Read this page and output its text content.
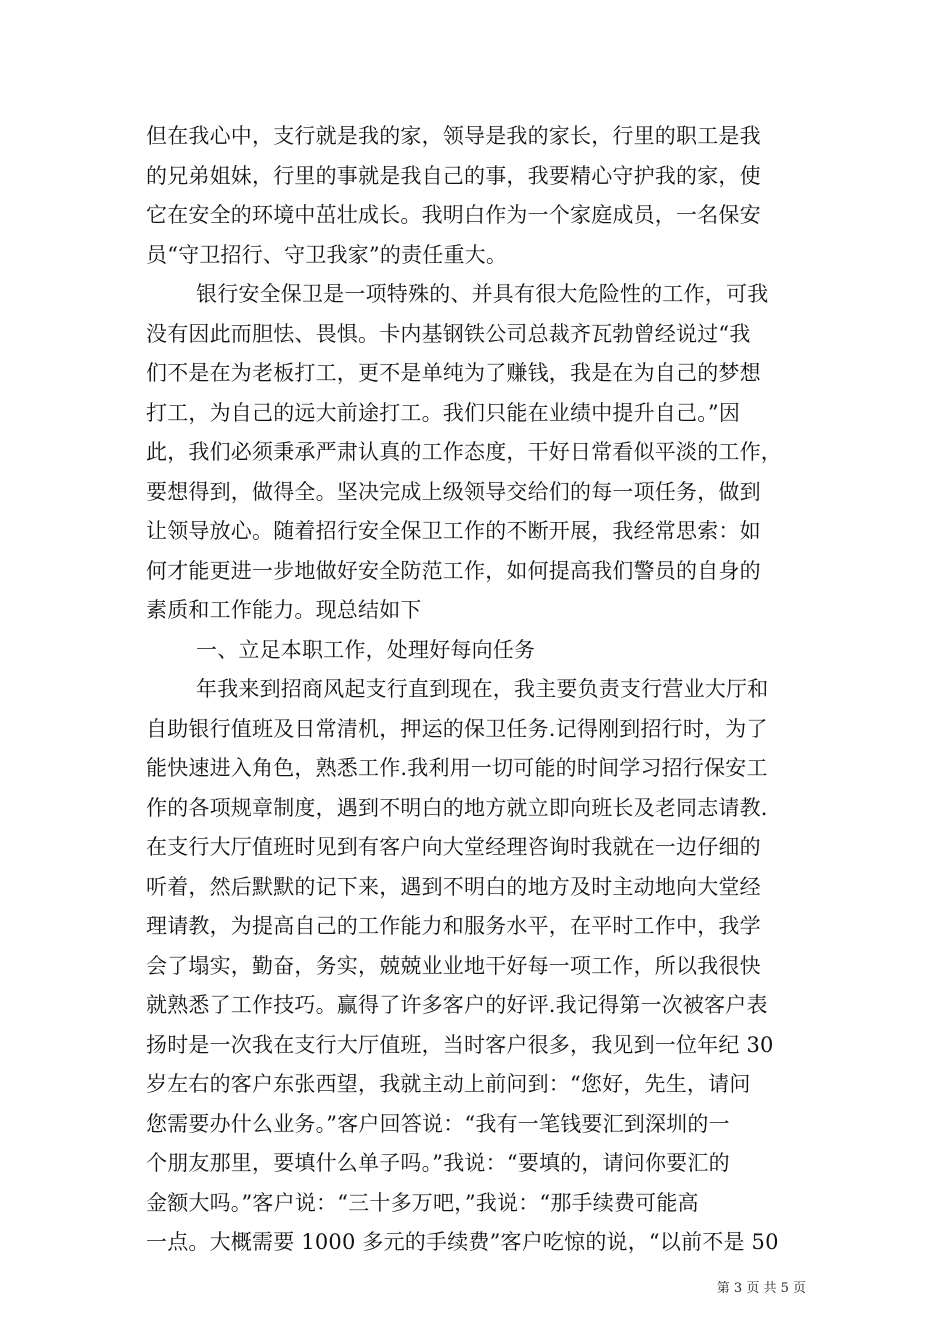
但在我心中，支行就是我的家，领导是我的家长，行里的职工是我
的兄弟姐妹，行里的事就是我自己的事，我要精心守护我的家，使
它在安全的环境中茁壮成长。我明白作为一个家庭成员，一名保安
员“守卫招行、守卫我家”的责任重大。
银行安全保卫是一项特殊的、并具有很大危险性的工作，可我
没有因此而胆怯、畏惧。卡内基钢铁公司总裁齐瓦勃曾经说过“我
们不是在为老板打工，更不是单纯为了赚钱，我是在为自己的梦想
打工，为自己的远大前途打工。我们只能在业绩中提升自己。”因
此，我们必须秉承严肃认真的工作态度，干好日常看似平淡的工作，
要想得到，做得全。坚决完成上级领导交给们的每一项任务，做到
让领导放心。随着招行安全保卫工作的不断开展，我经常思索：如
何才能更进一步地做好安全防范工作，如何提高我们警员的自身的
素质和工作能力。现总结如下
一、立足本职工作，处理好每向任务
年我来到招商风起支行直到现在，我主要负责支行营业大厅和
自助银行值班及日常清机，押运的保卫任务.记得刚到招行时，为了
能快速进入角色，熟悉工作.我利用一切可能的时间学习招行保安工
作的各项规章制度，遇到不明白的地方就立即向班长及老同志请教.
在支行大厅值班时见到有客户向大堂经理咨询时我就在一边仔细的
听着，然后默默的记下来，遇到不明白的地方及时主动地向大堂经
理请教，为提高自己的工作能力和服务水平，在平时工作中，我学
会了塌实，勤奋，务实，兢兢业业地干好每一项工作，所以我很快
就熟悉了工作技巧。赢得了许多客户的好评.我记得第一次被客户表
扬时是一次我在支行大厅值班，当时客户很多，我见到一位年纪 30
岁左右的客户东张西望，我就主动上前问到：“您好，先生，请问
您需要办什么业务。”客户回答说：“我有一笔钱要汇到深圳的一
个朋友那里，要填什么单子吗。”我说：“要填的，请问你要汇的
金额大吗。”客户说：“三十多万吧，”我说：“那手续费可能高
一点。大概需要 1000 多元的手续费”客户吃惊的说，“以前不是 50
第 3 页 共 5 页
